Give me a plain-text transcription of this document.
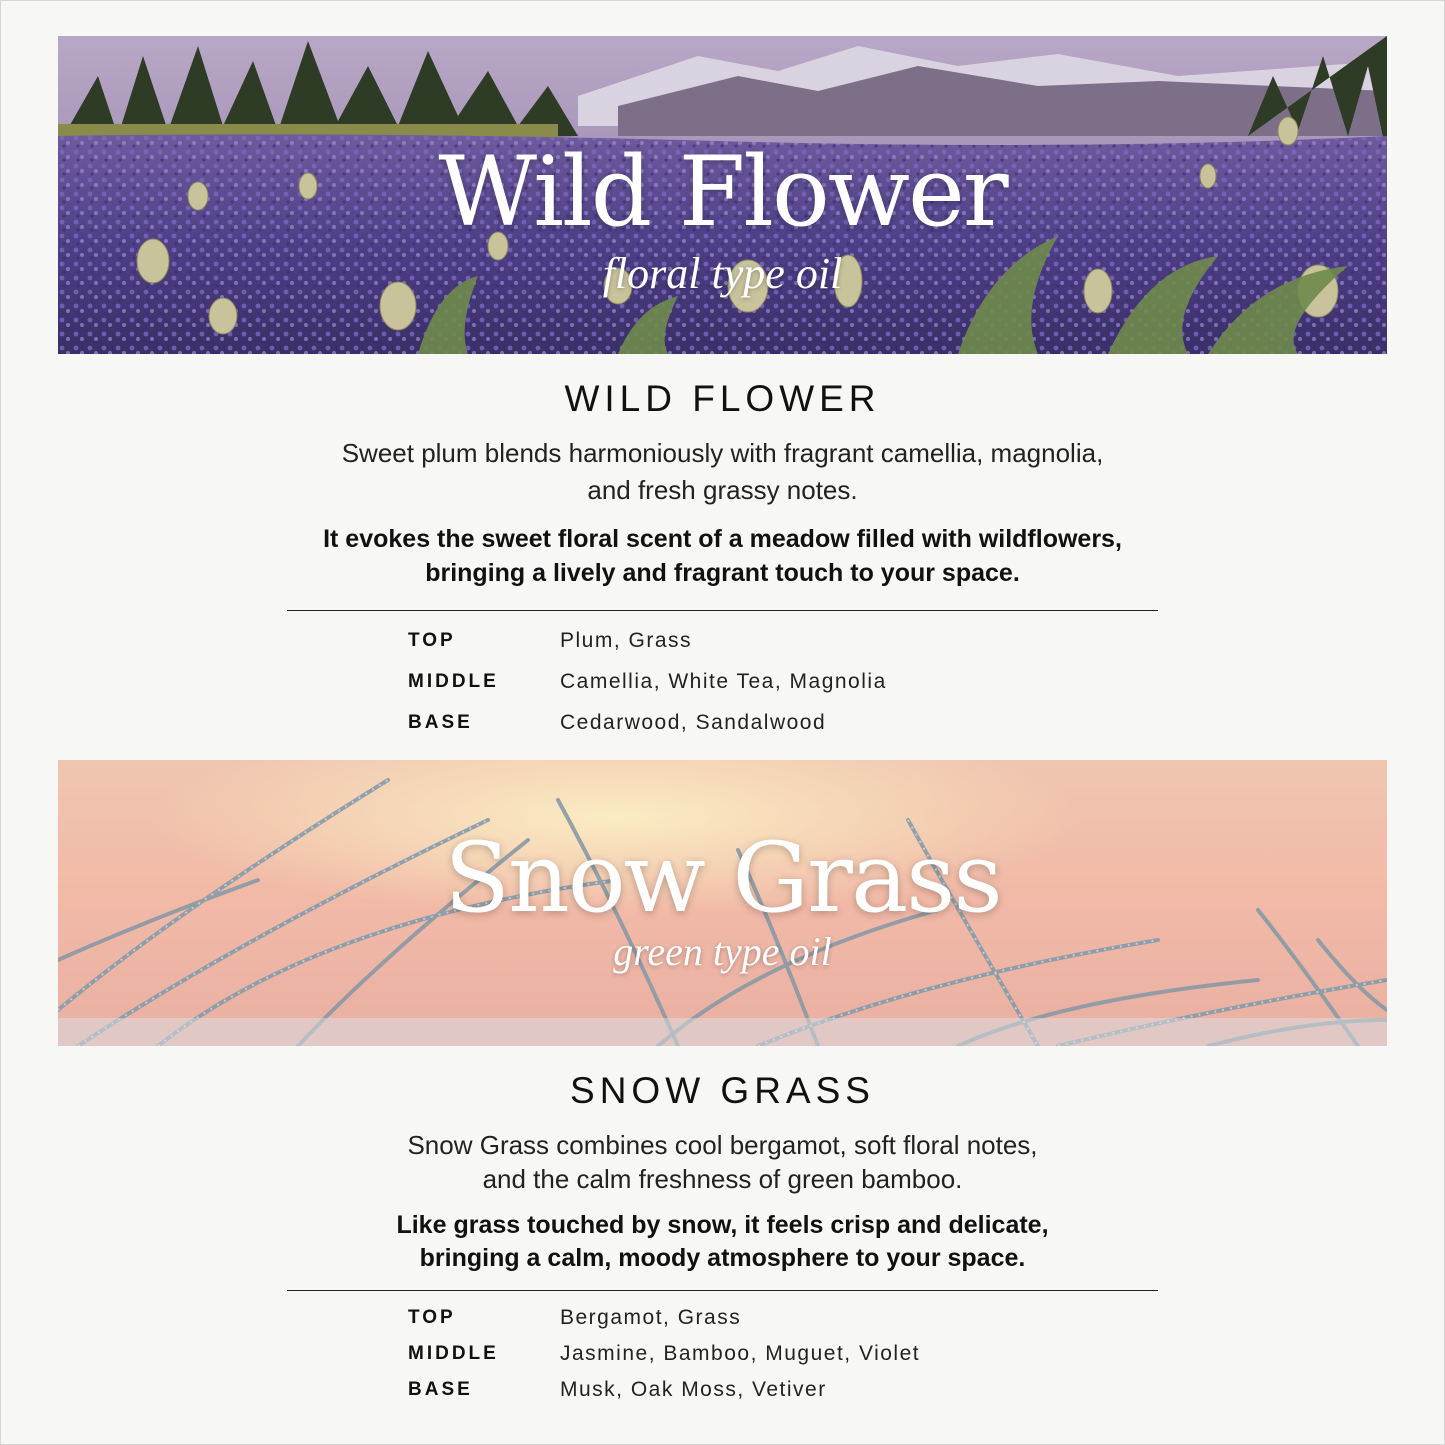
Wild Flower
floral type oil
WILD FLOWER
Sweet plum blends harmoniously with fragrant camellia, magnolia,
and fresh grassy notes.
It evokes the sweet floral scent of a meadow filled with wildflowers,
bringing a lively and fragrant touch to your space.
TOP	Plum, Grass
MIDDLE	Camellia, White Tea, Magnolia
BASE	Cedarwood, Sandalwood
Snow Grass
green type oil
SNOW GRASS
Snow Grass combines cool bergamot, soft floral notes,
and the calm freshness of green bamboo.
Like grass touched by snow, it feels crisp and delicate,
bringing a calm, moody atmosphere to your space.
TOP	Bergamot, Grass
MIDDLE	Jasmine, Bamboo, Muguet, Violet
BASE	Musk, Oak Moss, Vetiver
